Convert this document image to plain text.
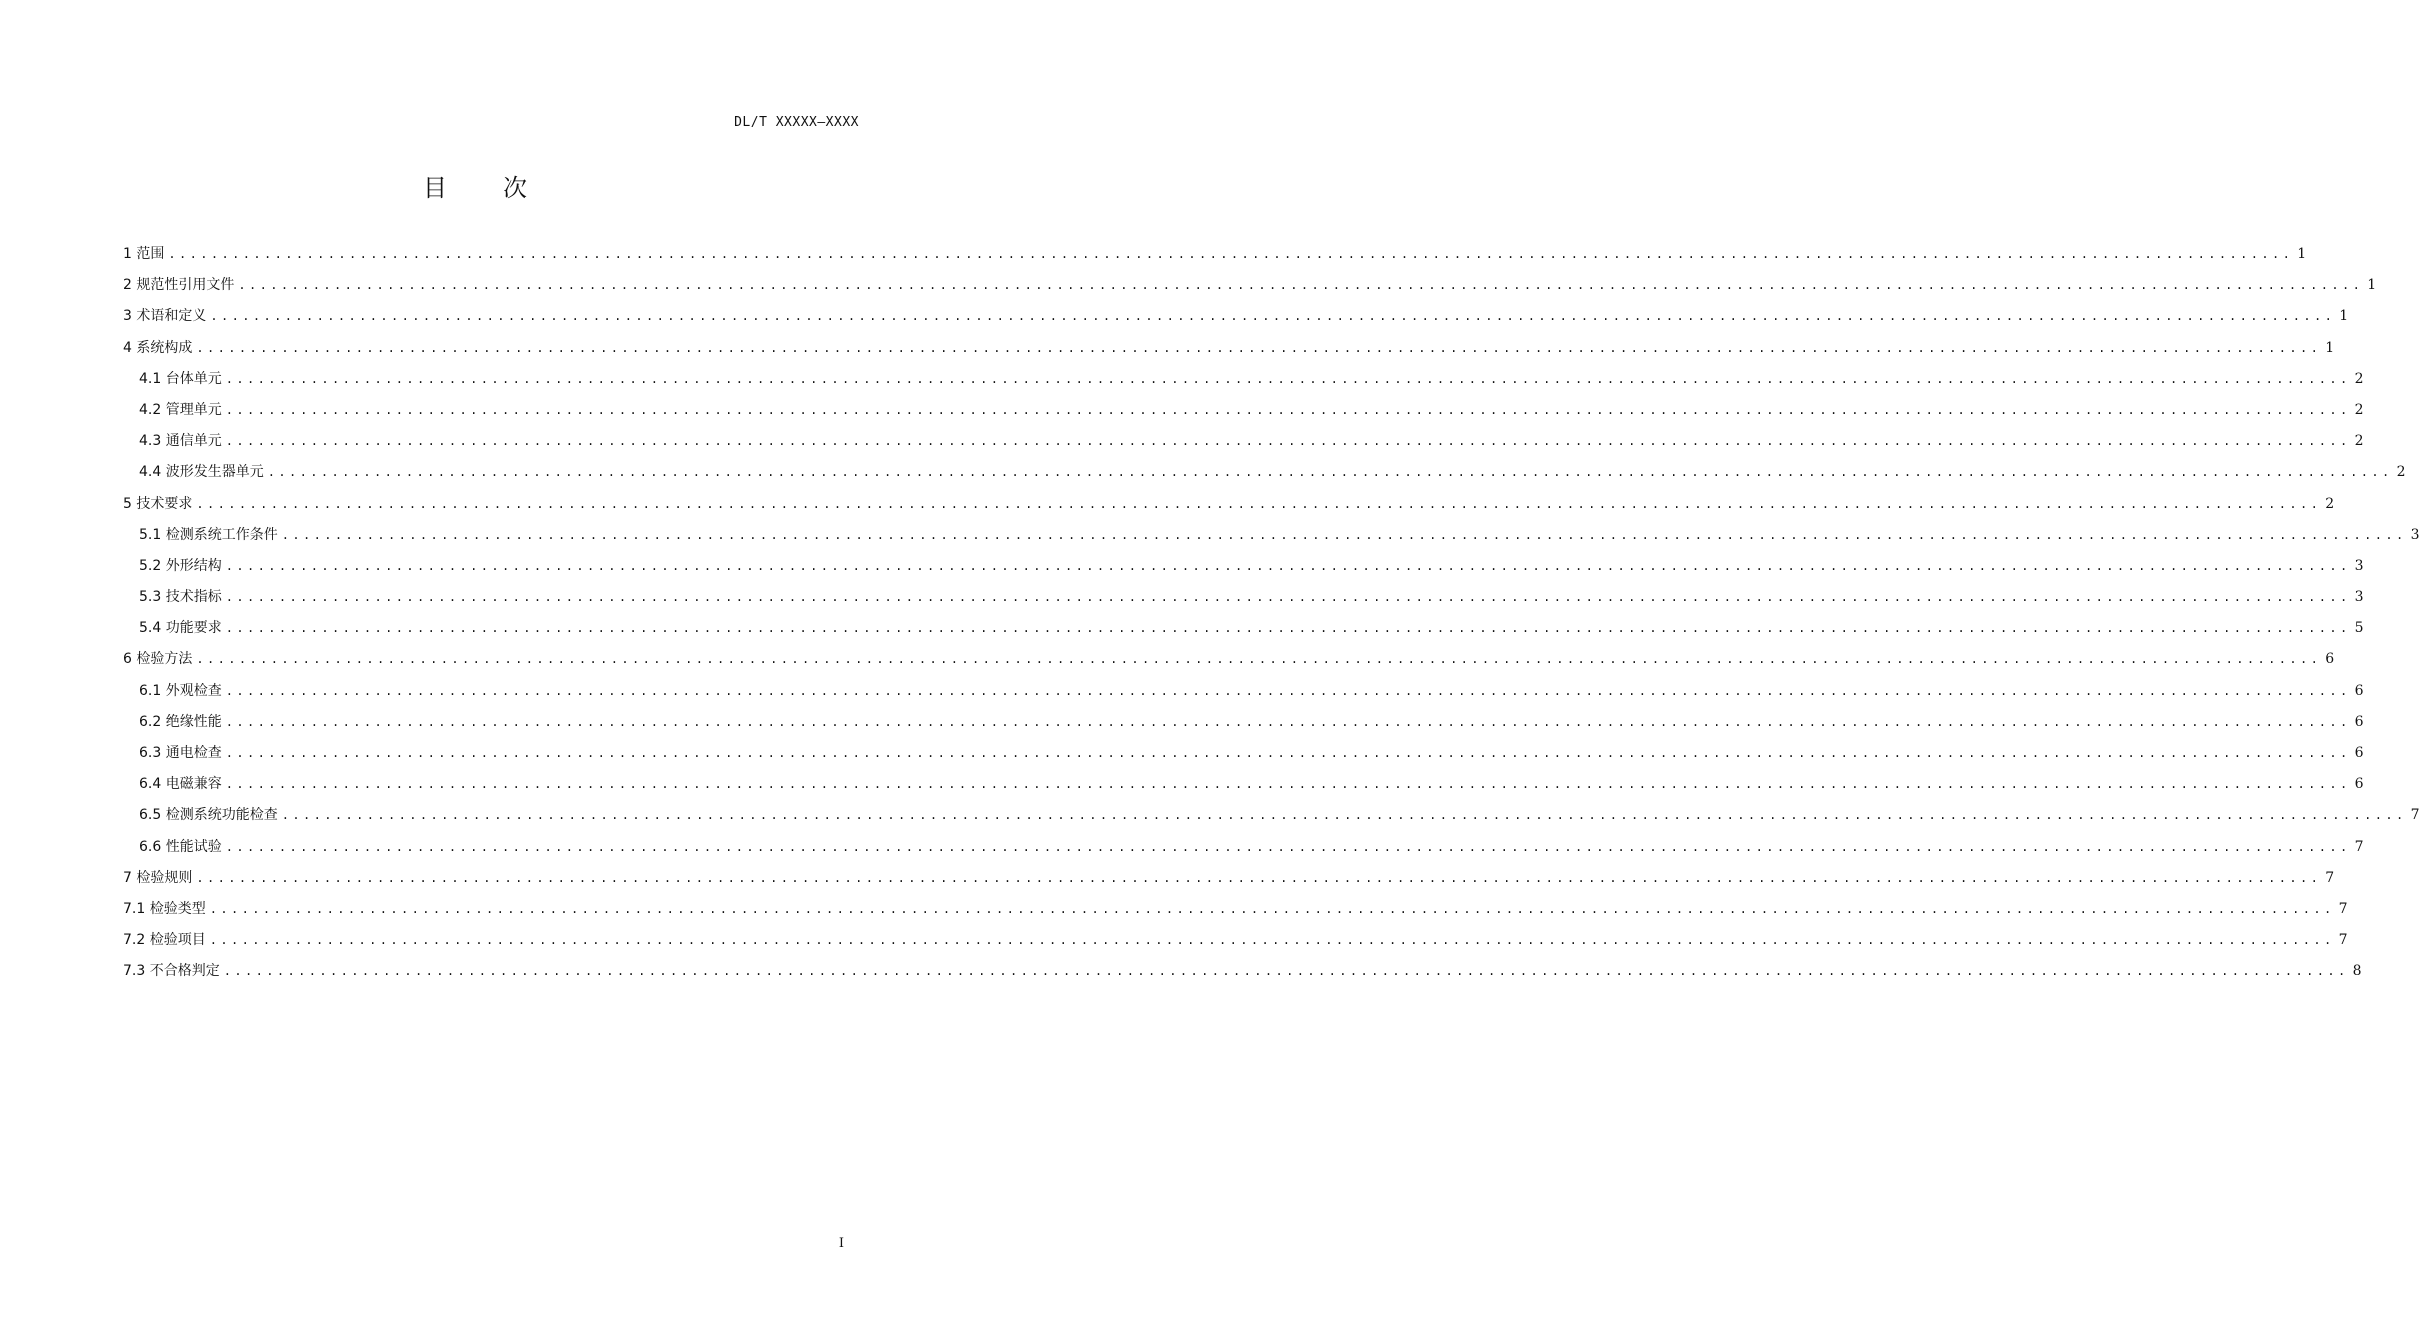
DL/T XXXXX—XXXX
目次
1 范围 ........................................................................................................................................................................................................ 1
2 规范性引用文件 ........................................................................................................................................................................................................ 1
3 术语和定义 ........................................................................................................................................................................................................ 1
4 系统构成 ........................................................................................................................................................................................................ 1
4.1 台体单元 ........................................................................................................................................................................................................ 2
4.2 管理单元 ........................................................................................................................................................................................................ 2
4.3 通信单元 ........................................................................................................................................................................................................ 2
4.4 波形发生器单元 ........................................................................................................................................................................................................ 2
5 技术要求 ........................................................................................................................................................................................................ 2
5.1 检测系统工作条件 ........................................................................................................................................................................................................ 3
5.2 外形结构 ........................................................................................................................................................................................................ 3
5.3 技术指标 ........................................................................................................................................................................................................ 3
5.4 功能要求 ........................................................................................................................................................................................................ 5
6 检验方法 ........................................................................................................................................................................................................ 6
6.1 外观检查 ........................................................................................................................................................................................................ 6
6.2 绝缘性能 ........................................................................................................................................................................................................ 6
6.3 通电检查 ........................................................................................................................................................................................................ 6
6.4 电磁兼容 ........................................................................................................................................................................................................ 6
6.5 检测系统功能检查 ........................................................................................................................................................................................................ 7
6.6 性能试验 ........................................................................................................................................................................................................ 7
7 检验规则 ........................................................................................................................................................................................................ 7
7.1 检验类型 ........................................................................................................................................................................................................ 7
7.2 检验项目 ........................................................................................................................................................................................................ 7
7.3 不合格判定 ........................................................................................................................................................................................................ 8
I
